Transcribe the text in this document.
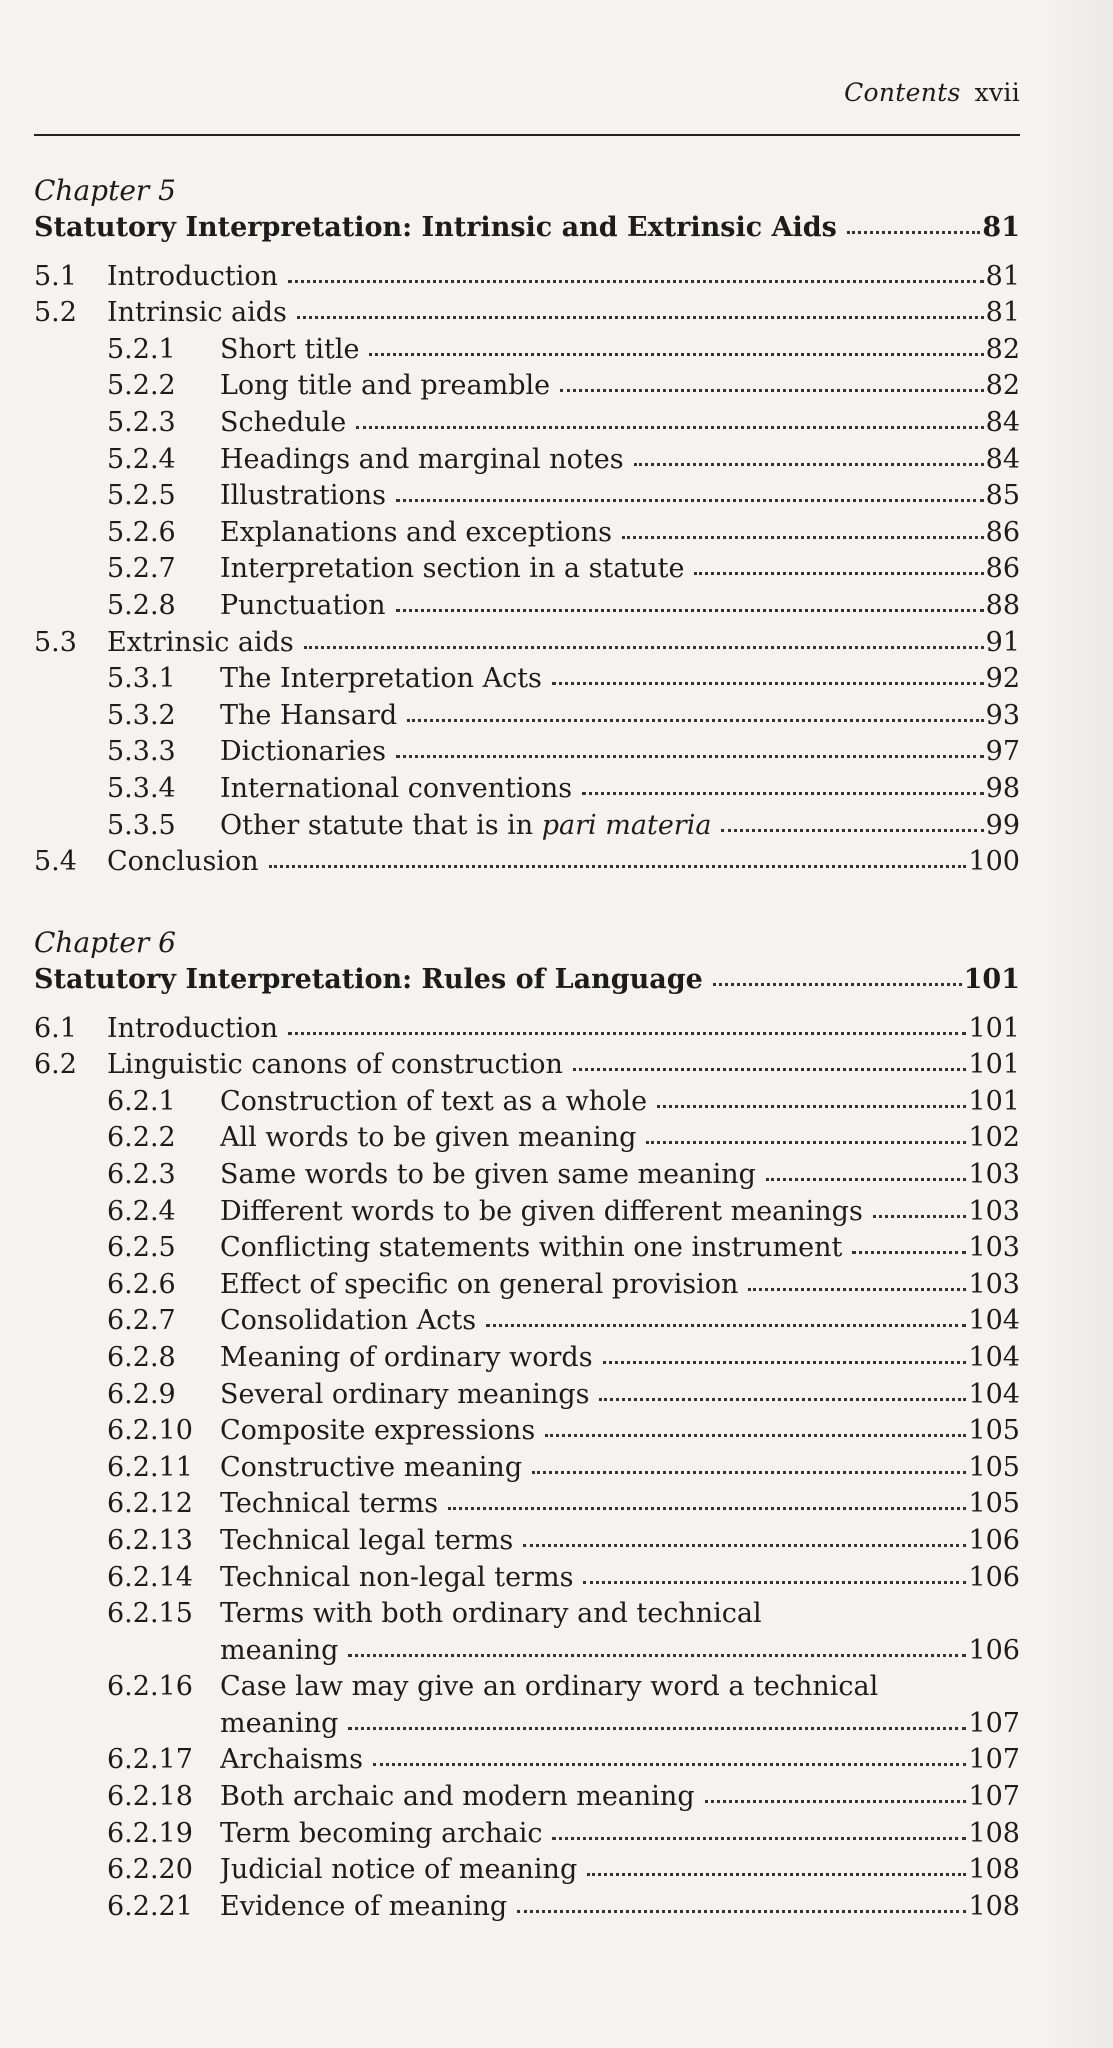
Contents xvii
Chapter 5
Statutory Interpretation: Intrinsic and Extrinsic Aids	81
5.1	Introduction	81
5.2	Intrinsic aids	81
5.2.1	Short title	82
5.2.2	Long title and preamble	82
5.2.3	Schedule	84
5.2.4	Headings and marginal notes	84
5.2.5	Illustrations	85
5.2.6	Explanations and exceptions	86
5.2.7	Interpretation section in a statute	86
5.2.8	Punctuation	88
5.3	Extrinsic aids	91
5.3.1	The Interpretation Acts	92
5.3.2	The Hansard	93
5.3.3	Dictionaries	97
5.3.4	International conventions	98
5.3.5	Other statute that is in pari materia	99
5.4	Conclusion	100
Chapter 6
Statutory Interpretation: Rules of Language	101
6.1	Introduction	101
6.2	Linguistic canons of construction	101
6.2.1	Construction of text as a whole	101
6.2.2	All words to be given meaning	102
6.2.3	Same words to be given same meaning	103
6.2.4	Different words to be given different meanings	103
6.2.5	Conflicting statements within one instrument	103
6.2.6	Effect of specific on general provision	103
6.2.7	Consolidation Acts	104
6.2.8	Meaning of ordinary words	104
6.2.9	Several ordinary meanings	104
6.2.10	Composite expressions	105
6.2.11	Constructive meaning	105
6.2.12	Technical terms	105
6.2.13	Technical legal terms	106
6.2.14	Technical non-legal terms	106
6.2.15	Terms with both ordinary and technical
meaning	106
6.2.16	Case law may give an ordinary word a technical
meaning	107
6.2.17	Archaisms	107
6.2.18	Both archaic and modern meaning	107
6.2.19	Term becoming archaic	108
6.2.20	Judicial notice of meaning	108
6.2.21	Evidence of meaning	108
